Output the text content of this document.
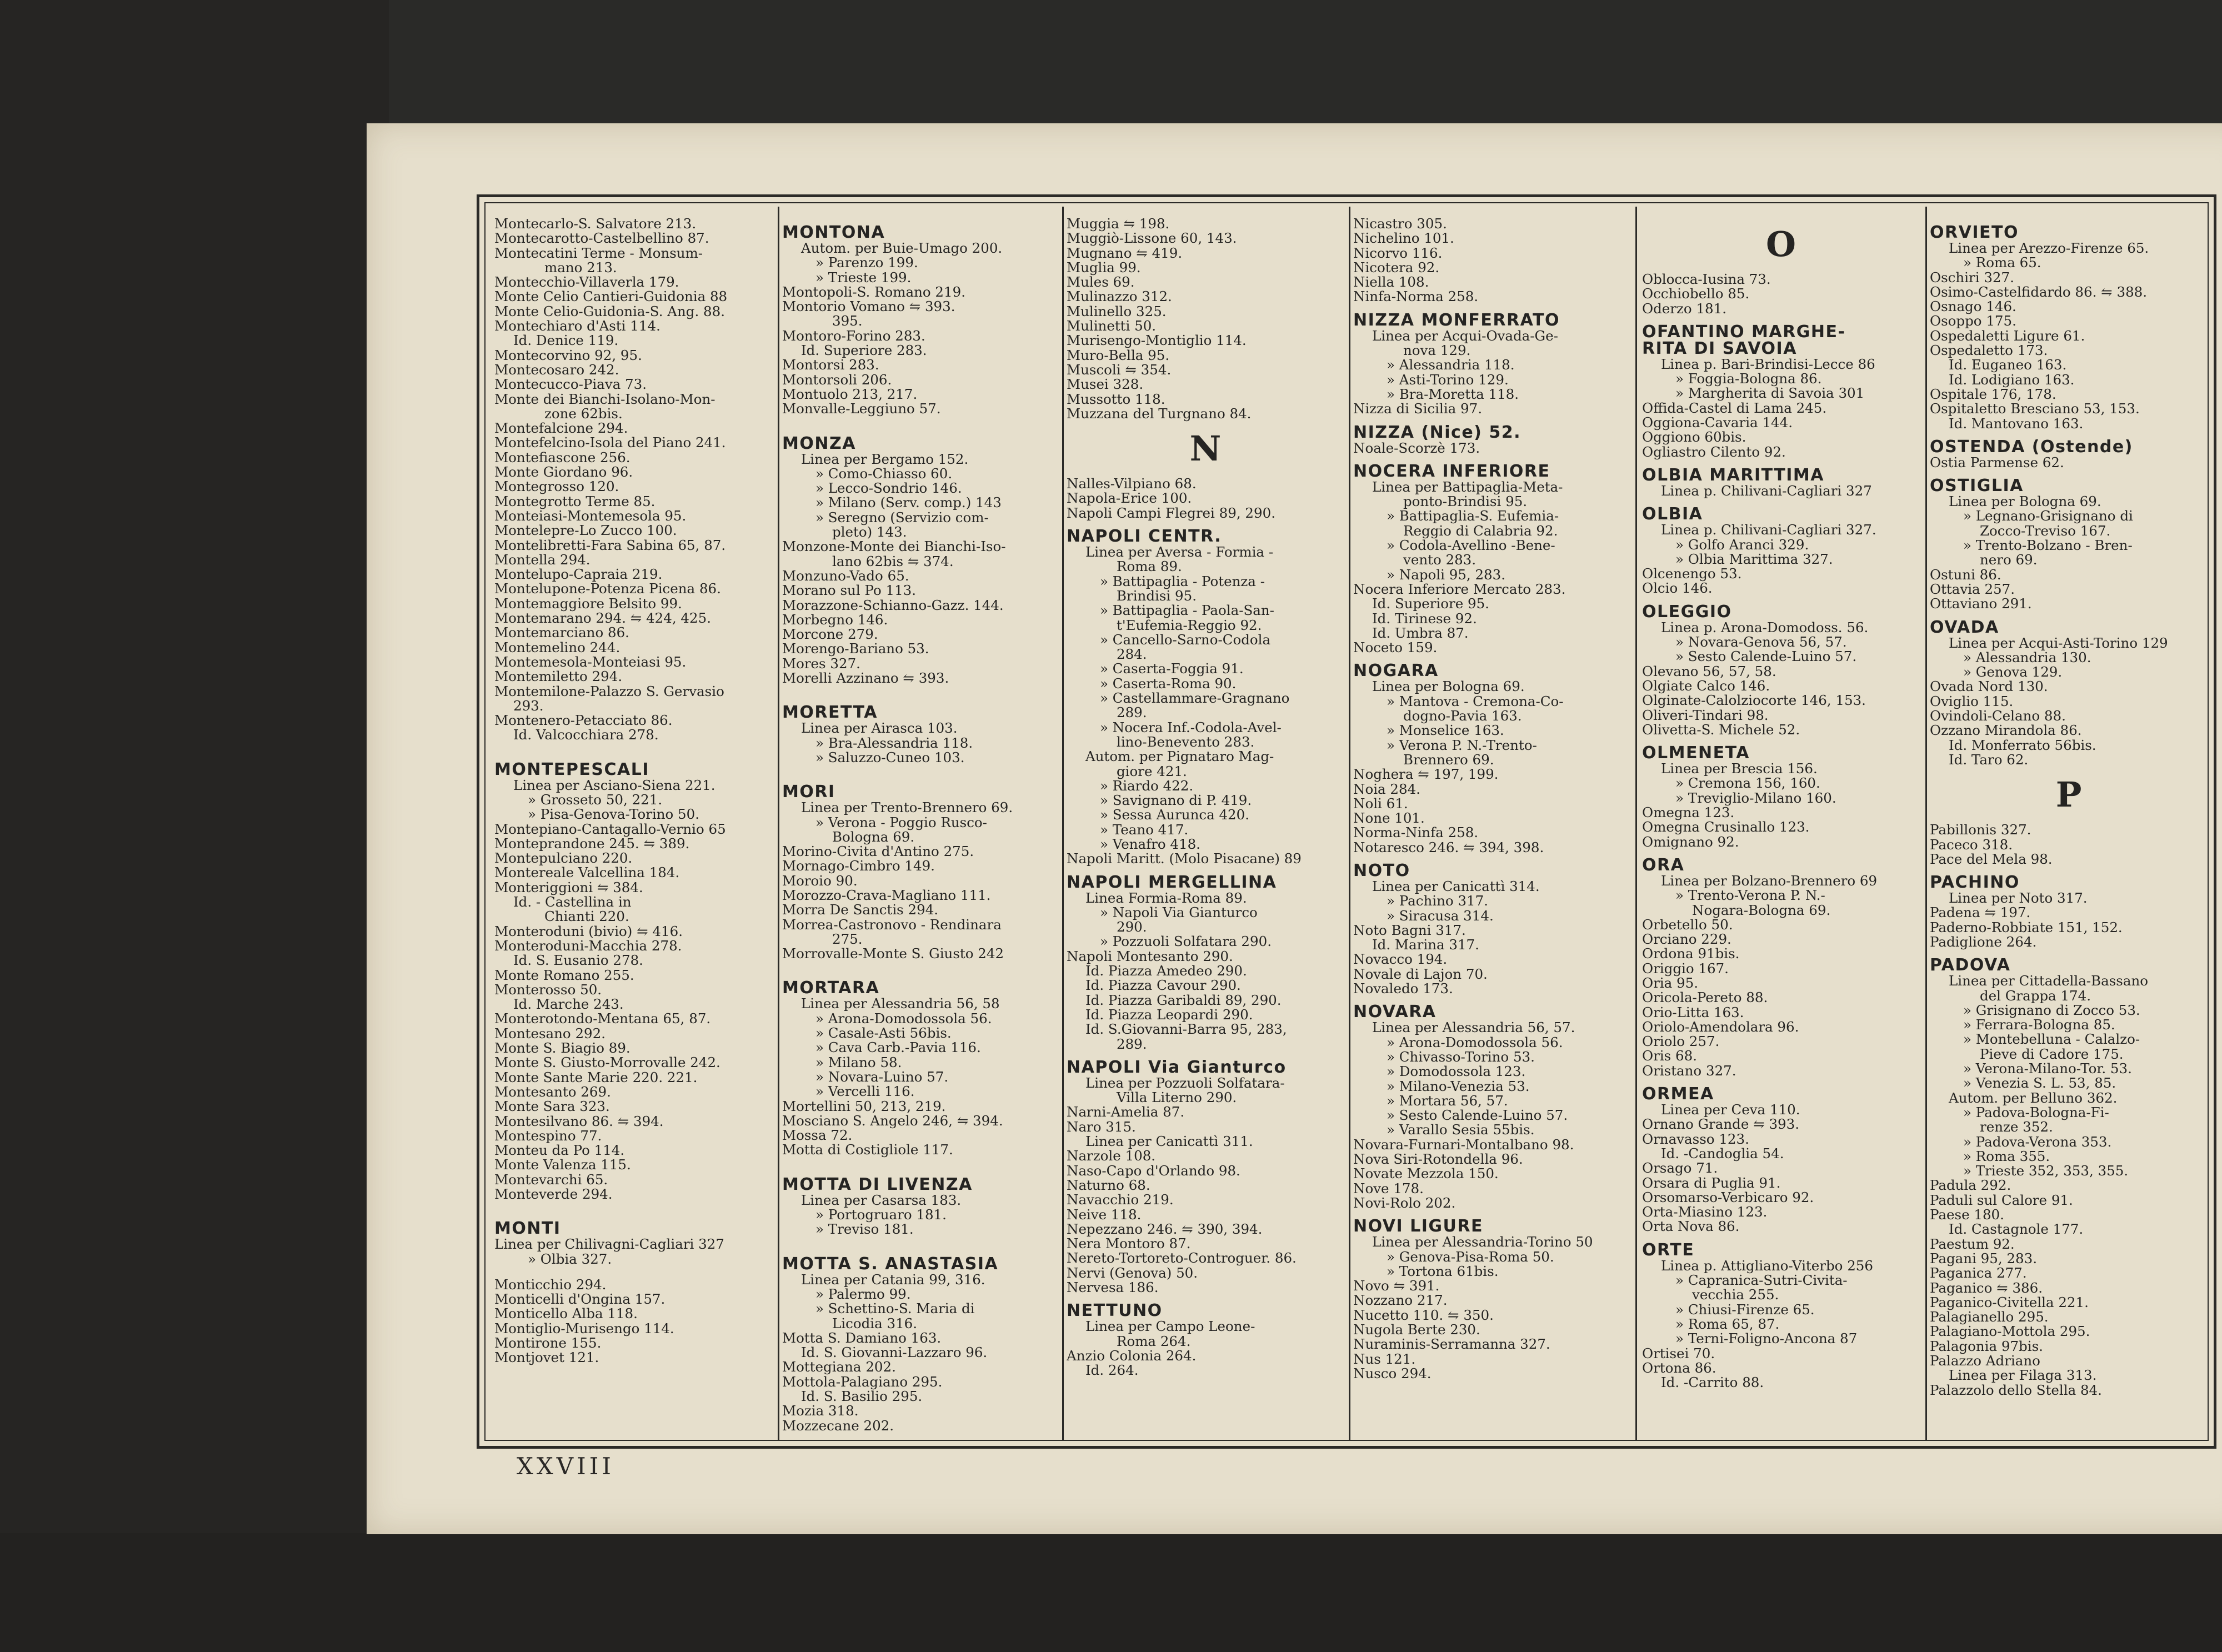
Montecarlo-S. Salvatore 213.
Montecarotto-Castelbellino 87.
Montecatini Terme - Monsum-
mano 213.
Montecchio-Villaverla 179.
Monte Celio Cantieri-Guidonia 88
Monte Celio-Guidonia-S. Ang. 88.
Montechiaro d'Asti 114.
Id. Denice 119.
Montecorvino 92, 95.
Montecosaro 242.
Montecuccо-Piava 73.
Monte dei Bianchi-Isolano-Mon-
zone 62bis.
Montefalcione 294.
Montefelcino-Isola del Piano 241.
Montefiascone 256.
Monte Giordano 96.
Montegrosso 120.
Montegrotto Terme 85.
Monteiasi-Montemesola 95.
Montelepre-Lo Zucco 100.
Montelibretti-Fara Sabina 65, 87.
Montella 294.
Montelupo-Capraia 219.
Montelupone-Potenza Picena 86.
Montemaggiore Belsito 99.
Montemarano 294. ⇋ 424, 425.
Montemarciano 86.
Montemelino 244.
Montemesola-Monteiasi 95.
Montemiletto 294.
Montemilone-Palazzo S. Gervasio
293.
Montenero-Petacciato 86.
Id. Valcocchiara 278.
MONTEPESCALI
Linea per Asciano-Siena 221.
» Grosseto 50, 221.
» Pisa-Genova-Torino 50.
Montepiano-Cantagallo-Vernio 65
Monteprandone 245. ⇋ 389.
Montepulciano 220.
Montereale Valcellina 184.
Monteriggioni ⇋ 384.
Id. - Castellina in
Chianti 220.
Monteroduni (bivio) ⇋ 416.
Monteroduni-Macchia 278.
Id. S. Eusanio 278.
Monte Romano 255.
Monterosso 50.
Id. Marche 243.
Monterotondo-Mentana 65, 87.
Montesano 292.
Monte S. Biagio 89.
Monte S. Giusto-Morrovalle 242.
Monte Sante Marie 220. 221.
Montesanto 269.
Monte Sara 323.
Montesilvano 86. ⇋ 394.
Montespino 77.
Monteu da Po 114.
Monte Valenza 115.
Montevarchi 65.
Monteverde 294.
MONTI
Linea per Chilivagni-Cagliari 327
» Olbia 327.
Monticchio 294.
Monticelli d'Ongina 157.
Monticello Alba 118.
Montiglio-Murisengo 114.
Montirone 155.
Montjovet 121.
MONTONA
Autom. per Buie-Umago 200.
» Parenzo 199.
» Trieste 199.
Montopoli-S. Romano 219.
Montorio Vomano ⇋ 393.
395.
Montoro-Forino 283.
Id. Superiore 283.
Montorsi 283.
Montorsoli 206.
Montuolo 213, 217.
Monvalle-Leggiuno 57.
MONZA
Linea per Bergamo 152.
» Como-Chiasso 60.
» Lecco-Sondrio 146.
» Milano (Serv. comp.) 143
» Seregno (Servizio com-
pleto) 143.
Monzone-Monte dei Bianchi-Iso-
lano 62bis ⇋ 374.
Monzuno-Vado 65.
Morano sul Po 113.
Morazzone-Schianno-Gazz. 144.
Morbegno 146.
Morcone 279.
Morengo-Bariano 53.
Mores 327.
Morelli Azzinano ⇋ 393.
MORETTA
Linea per Airasca 103.
» Bra-Alessandria 118.
» Saluzzo-Cuneo 103.
MORI
Linea per Trento-Brennero 69.
» Verona - Poggio Rusco-
Bologna 69.
Morino-Civita d'Antino 275.
Mornago-Cimbro 149.
Moroio 90.
Morozzo-Crava-Magliano 111.
Morra De Sanctis 294.
Morrea-Castronovo - Rendinara
275.
Morrovalle-Monte S. Giusto 242
MORTARA
Linea per Alessandria 56, 58
» Arona-Domodossola 56.
» Casale-Asti 56bis.
» Cava Carb.-Pavia 116.
» Milano 58.
» Novara-Luino 57.
» Vercelli 116.
Mortellini 50, 213, 219.
Mosciano S. Angelo 246, ⇋ 394.
Mossa 72.
Motta di Costigliole 117.
MOTTA DI LIVENZA
Linea per Casarsa 183.
» Portogruaro 181.
» Treviso 181.
MOTTA S. ANASTASIA
Linea per Catania 99, 316.
» Palermo 99.
» Schettino-S. Maria di
Licodia 316.
Motta S. Damiano 163.
Id. S. Giovanni-Lazzaro 96.
Mottegiana 202.
Mottola-Palagiano 295.
Id. S. Basilio 295.
Mozia 318.
Mozzecane 202.
Muggia ⇋ 198.
Muggiò-Lissone 60, 143.
Mugnano ⇋ 419.
Muglia 99.
Mules 69.
Mulinazzo 312.
Mulinello 325.
Mulinetti 50.
Murisengo-Montiglio 114.
Muro-Bella 95.
Muscoli ⇋ 354.
Musei 328.
Mussotto 118.
Muzzana del Turgnano 84.
N
Nalles-Vilpiano 68.
Napola-Erice 100.
Napoli Campi Flegrei 89, 290.
NAPOLI CENTR.
Linea per Aversa - Formia -
Roma 89.
» Battipaglia - Potenza -
Brindisi 95.
» Battipaglia - Paola-San-
t'Eufemia-Reggio 92.
» Cancello-Sarno-Codola
284.
» Caserta-Foggia 91.
» Caserta-Roma 90.
» Castellammare-Gragnano
289.
» Nocera Inf.-Codola-Avel-
lino-Benevento 283.
Autom. per Pignataro Mag-
giore 421.
» Riardo 422.
» Savignano di P. 419.
» Sessa Aurunca 420.
» Teano 417.
» Venafro 418.
Napoli Maritt. (Molo Pisacane) 89
NAPOLI MERGELLINA
Linea Formia-Roma 89.
» Napoli Via Gianturco
290.
» Pozzuoli Solfatara 290.
Napoli Montesanto 290.
Id. Piazza Amedeo 290.
Id. Piazza Cavour 290.
Id. Piazza Garibaldi 89, 290.
Id. Piazza Leopardi 290.
Id. S.Giovanni-Barra 95, 283,
289.
NAPOLI Via Gianturco
Linea per Pozzuoli Solfatara-
Villa Literno 290.
Narni-Amelia 87.
Naro 315.
Linea per Canicattì 311.
Narzole 108.
Naso-Capo d'Orlando 98.
Naturno 68.
Navacchio 219.
Neive 118.
Nepezzano 246. ⇋ 390, 394.
Nera Montoro 87.
Nereto-Tortoreto-Controguer. 86.
Nervi (Genova) 50.
Nervesa 186.
NETTUNO
Linea per Campo Leone-
Roma 264.
Anzio Colonia 264.
Id. 264.
Nicastro 305.
Nichelino 101.
Nicorvo 116.
Nicotera 92.
Niella 108.
Ninfa-Norma 258.
NIZZA MONFERRATO
Linea per Acqui-Ovada-Ge-
nova 129.
» Alessandria 118.
» Asti-Torino 129.
» Bra-Moretta 118.
Nizza di Sicilia 97.
NIZZA (Nice) 52.
Noale-Scorzè 173.
NOCERA INFERIORE
Linea per Battipaglia-Meta-
ponto-Brindisi 95.
» Battipaglia-S. Eufemia-
Reggio di Calabria 92.
» Codola-Avellino -Bene-
vento 283.
» Napoli 95, 283.
Nocera Inferiore Mercato 283.
Id. Superiore 95.
Id. Tirinese 92.
Id. Umbra 87.
Noceto 159.
NOGARA
Linea per Bologna 69.
» Mantova - Cremona-Co-
dogno-Pavia 163.
» Monselice 163.
» Verona P. N.-Trento-
Brennero 69.
Noghera ⇋ 197, 199.
Noia 284.
Noli 61.
None 101.
Norma-Ninfa 258.
Notaresco 246. ⇋ 394, 398.
NOTO
Linea per Canicattì 314.
» Pachino 317.
» Siracusa 314.
Noto Bagni 317.
Id. Marina 317.
Novacco 194.
Novale di Lajon 70.
Novaledo 173.
NOVARA
Linea per Alessandria 56, 57.
» Arona-Domodossola 56.
» Chivasso-Torino 53.
» Domodossola 123.
» Milano-Venezia 53.
» Mortara 56, 57.
» Sesto Calende-Luino 57.
» Varallo Sesia 55bis.
Novara-Furnari-Montalbano 98.
Nova Siri-Rotondella 96.
Novate Mezzola 150.
Nove 178.
Novi-Rolo 202.
NOVI LIGURE
Linea per Alessandria-Torino 50
» Genova-Pisa-Roma 50.
» Tortona 61bis.
Novo ⇋ 391.
Nozzano 217.
Nucetto 110. ⇋ 350.
Nugola Berte 230.
Nuraminis-Serramanna 327.
Nus 121.
Nusco 294.
O
Oblocca-Iusina 73.
Occhiobello 85.
Oderzo 181.
OFANTINO MARGHE-
RITA DI SAVOIA
Linea p. Bari-Brindisi-Lecce 86
» Foggia-Bologna 86.
» Margherita di Savoia 301
Offida-Castel di Lama 245.
Oggiona-Cavaria 144.
Oggiono 60bis.
Ogliastro Cilento 92.
OLBIA MARITTIMA
Linea p. Chilivani-Cagliari 327
OLBIA
Linea p. Chilivani-Cagliari 327.
» Golfo Aranci 329.
» Olbia Marittima 327.
Olcenengo 53.
Olcio 146.
OLEGGIO
Linea p. Arona-Domodoss. 56.
» Novara-Genova 56, 57.
» Sesto Calende-Luino 57.
Olevano 56, 57, 58.
Olgiate Calco 146.
Olginate-Calolziocorte 146, 153.
Oliveri-Tindari 98.
Olivetta-S. Michele 52.
OLMENETA
Linea per Brescia 156.
» Cremona 156, 160.
» Treviglio-Milano 160.
Omegna 123.
Omegna Crusinallo 123.
Omignano 92.
ORA
Linea per Bolzano-Brennero 69
» Trento-Verona P. N.-
Nogara-Bologna 69.
Orbetello 50.
Orciano 229.
Ordona 91bis.
Origgio 167.
Oria 95.
Oricola-Pereto 88.
Orio-Litta 163.
Oriolo-Amendolara 96.
Oriolo 257.
Oris 68.
Oristano 327.
ORMEA
Linea per Ceva 110.
Ornano Grande ⇋ 393.
Ornavasso 123.
Id. -Candoglia 54.
Orsago 71.
Orsara di Puglia 91.
Orsomarso-Verbicaro 92.
Orta-Miasino 123.
Orta Nova 86.
ORTE
Linea p. Attigliano-Viterbo 256
» Capranica-Sutri-Civita-
vecchia 255.
» Chiusi-Firenze 65.
» Roma 65, 87.
» Terni-Foligno-Ancona 87
Ortisei 70.
Ortona 86.
Id. -Carrito 88.
ORVIETO
Linea per Arezzo-Firenze 65.
» Roma 65.
Oschiri 327.
Osimo-Castelfidardo 86. ⇋ 388.
Osnago 146.
Osoppo 175.
Ospedaletti Ligure 61.
Ospedaletto 173.
Id. Euganeo 163.
Id. Lodigiano 163.
Ospitale 176, 178.
Ospitaletto Bresciano 53, 153.
Id. Mantovano 163.
OSTENDA (Ostende)
Ostia Parmense 62.
OSTIGLIA
Linea per Bologna 69.
» Legnano-Grisignano di
Zocco-Treviso 167.
» Trento-Bolzano - Bren-
nero 69.
Ostuni 86.
Ottavia 257.
Ottaviano 291.
OVADA
Linea per Acqui-Asti-Torino 129
» Alessandria 130.
» Genova 129.
Ovada Nord 130.
Oviglio 115.
Ovindoli-Celano 88.
Ozzano Mirandola 86.
Id. Monferrato 56bis.
Id. Taro 62.
P
Pabillonis 327.
Paceco 318.
Pace del Mela 98.
PACHINO
Linea per Noto 317.
Padena ⇋ 197.
Paderno-Robbiate 151, 152.
Padiglione 264.
PADOVA
Linea per Cittadella-Bassano
del Grappa 174.
» Grisignano di Zocco 53.
» Ferrara-Bologna 85.
» Montebelluna - Calalzo-
Pieve di Cadore 175.
» Verona-Milano-Tor. 53.
» Venezia S. L. 53, 85.
Autom. per Belluno 362.
» Padova-Bologna-Fi-
renze 352.
» Padova-Verona 353.
» Roma 355.
» Trieste 352, 353, 355.
Padula 292.
Paduli sul Calore 91.
Paese 180.
Id. Castagnole 177.
Paestum 92.
Pagani 95, 283.
Paganica 277.
Paganico ⇋ 386.
Paganico-Civitella 221.
Palagianello 295.
Palagiano-Mottola 295.
Palagonia 97bis.
Palazzo Adriano
Linea per Filaga 313.
Palazzolo dello Stella 84.
XXVIII
